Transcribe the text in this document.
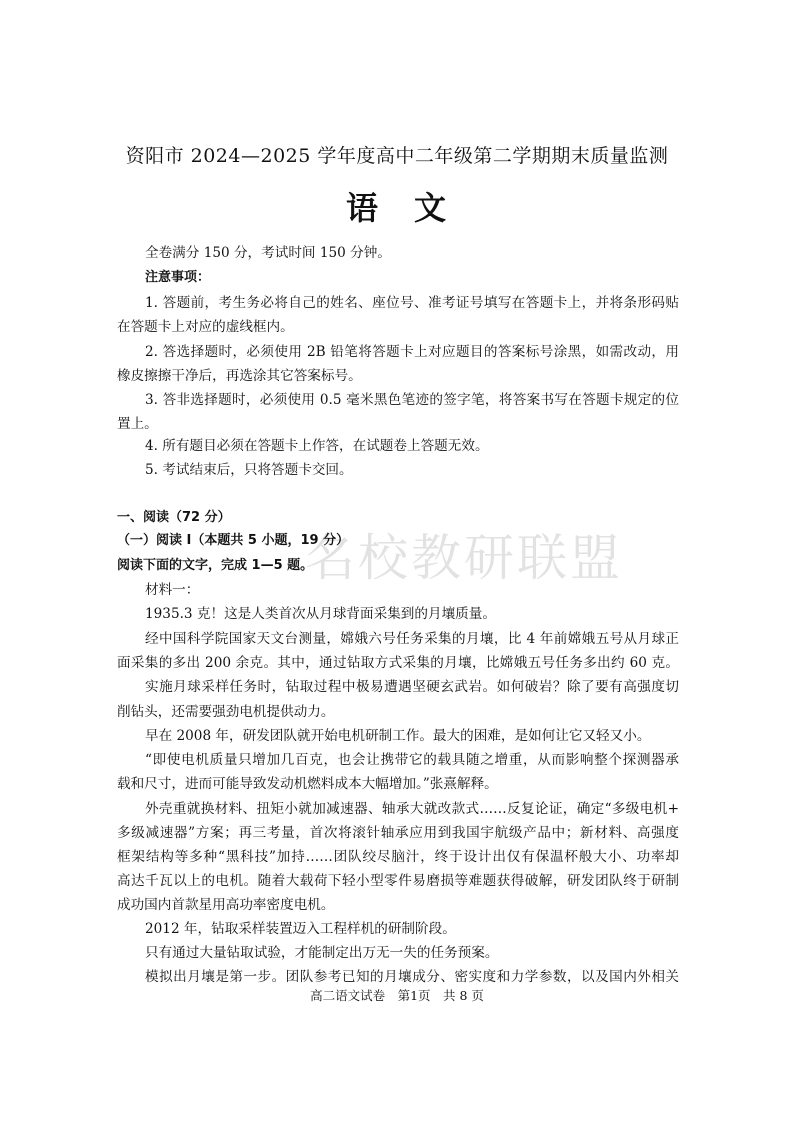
资阳市 2024—2025 学年度高中二年级第二学期期末质量监测
语　文
名校教研联盟

全卷满分 150 分，考试时间 150 分钟。

注意事项：

1. 答题前，考生务必将自己的姓名、座位号、准考证号填写在答题卡上，并将条形码贴

在答题卡上对应的虚线框内。

2. 答选择题时，必须使用 2B 铅笔将答题卡上对应题目的答案标号涂黑，如需改动，用

橡皮擦擦干净后，再选涂其它答案标号。

3. 答非选择题时，必须使用 0.5 毫米黑色笔迹的签字笔，将答案书写在答题卡规定的位

置上。

4. 所有题目必须在答题卡上作答，在试题卷上答题无效。

5. 考试结束后，只将答题卡交回。

一、阅读（72 分）

（一）阅读 I（本题共 5 小题，19 分）

阅读下面的文字，完成 1—5 题。

材料一：

1935.3 克！这是人类首次从月球背面采集到的月壤质量。

经中国科学院国家天文台测量，嫦娥六号任务采集的月壤，比 4 年前嫦娥五号从月球正

面采集的多出 200 余克。其中，通过钻取方式采集的月壤，比嫦娥五号任务多出约 60 克。

实施月球采样任务时，钻取过程中极易遭遇坚硬玄武岩。如何破岩？除了要有高强度切

削钻头，还需要强劲电机提供动力。

早在 2008 年，研发团队就开始电机研制工作。最大的困难，是如何让它又轻又小。

“即使电机质量只增加几百克，也会让携带它的载具随之增重，从而影响整个探测器承

载和尺寸，进而可能导致发动机燃料成本大幅增加。”张熹解释。

外壳重就换材料、扭矩小就加减速器、轴承大就改款式……反复论证，确定“多级电机+

多级减速器”方案；再三考量，首次将滚针轴承应用到我国宇航级产品中；新材料、高强度

框架结构等多种“黑科技”加持……团队绞尽脑汁，终于设计出仅有保温杯般大小、功率却

高达千瓦以上的电机。随着大载荷下轻小型零件易磨损等难题获得破解，研发团队终于研制

成功国内首款星用高功率密度电机。

2012 年，钻取采样装置迈入工程样机的研制阶段。

只有通过大量钻取试验，才能制定出万无一失的任务预案。

模拟出月壤是第一步。团队参考已知的月壤成分、密实度和力学参数，以及国内外相关

高二语文试卷　第1页　共 8 页
